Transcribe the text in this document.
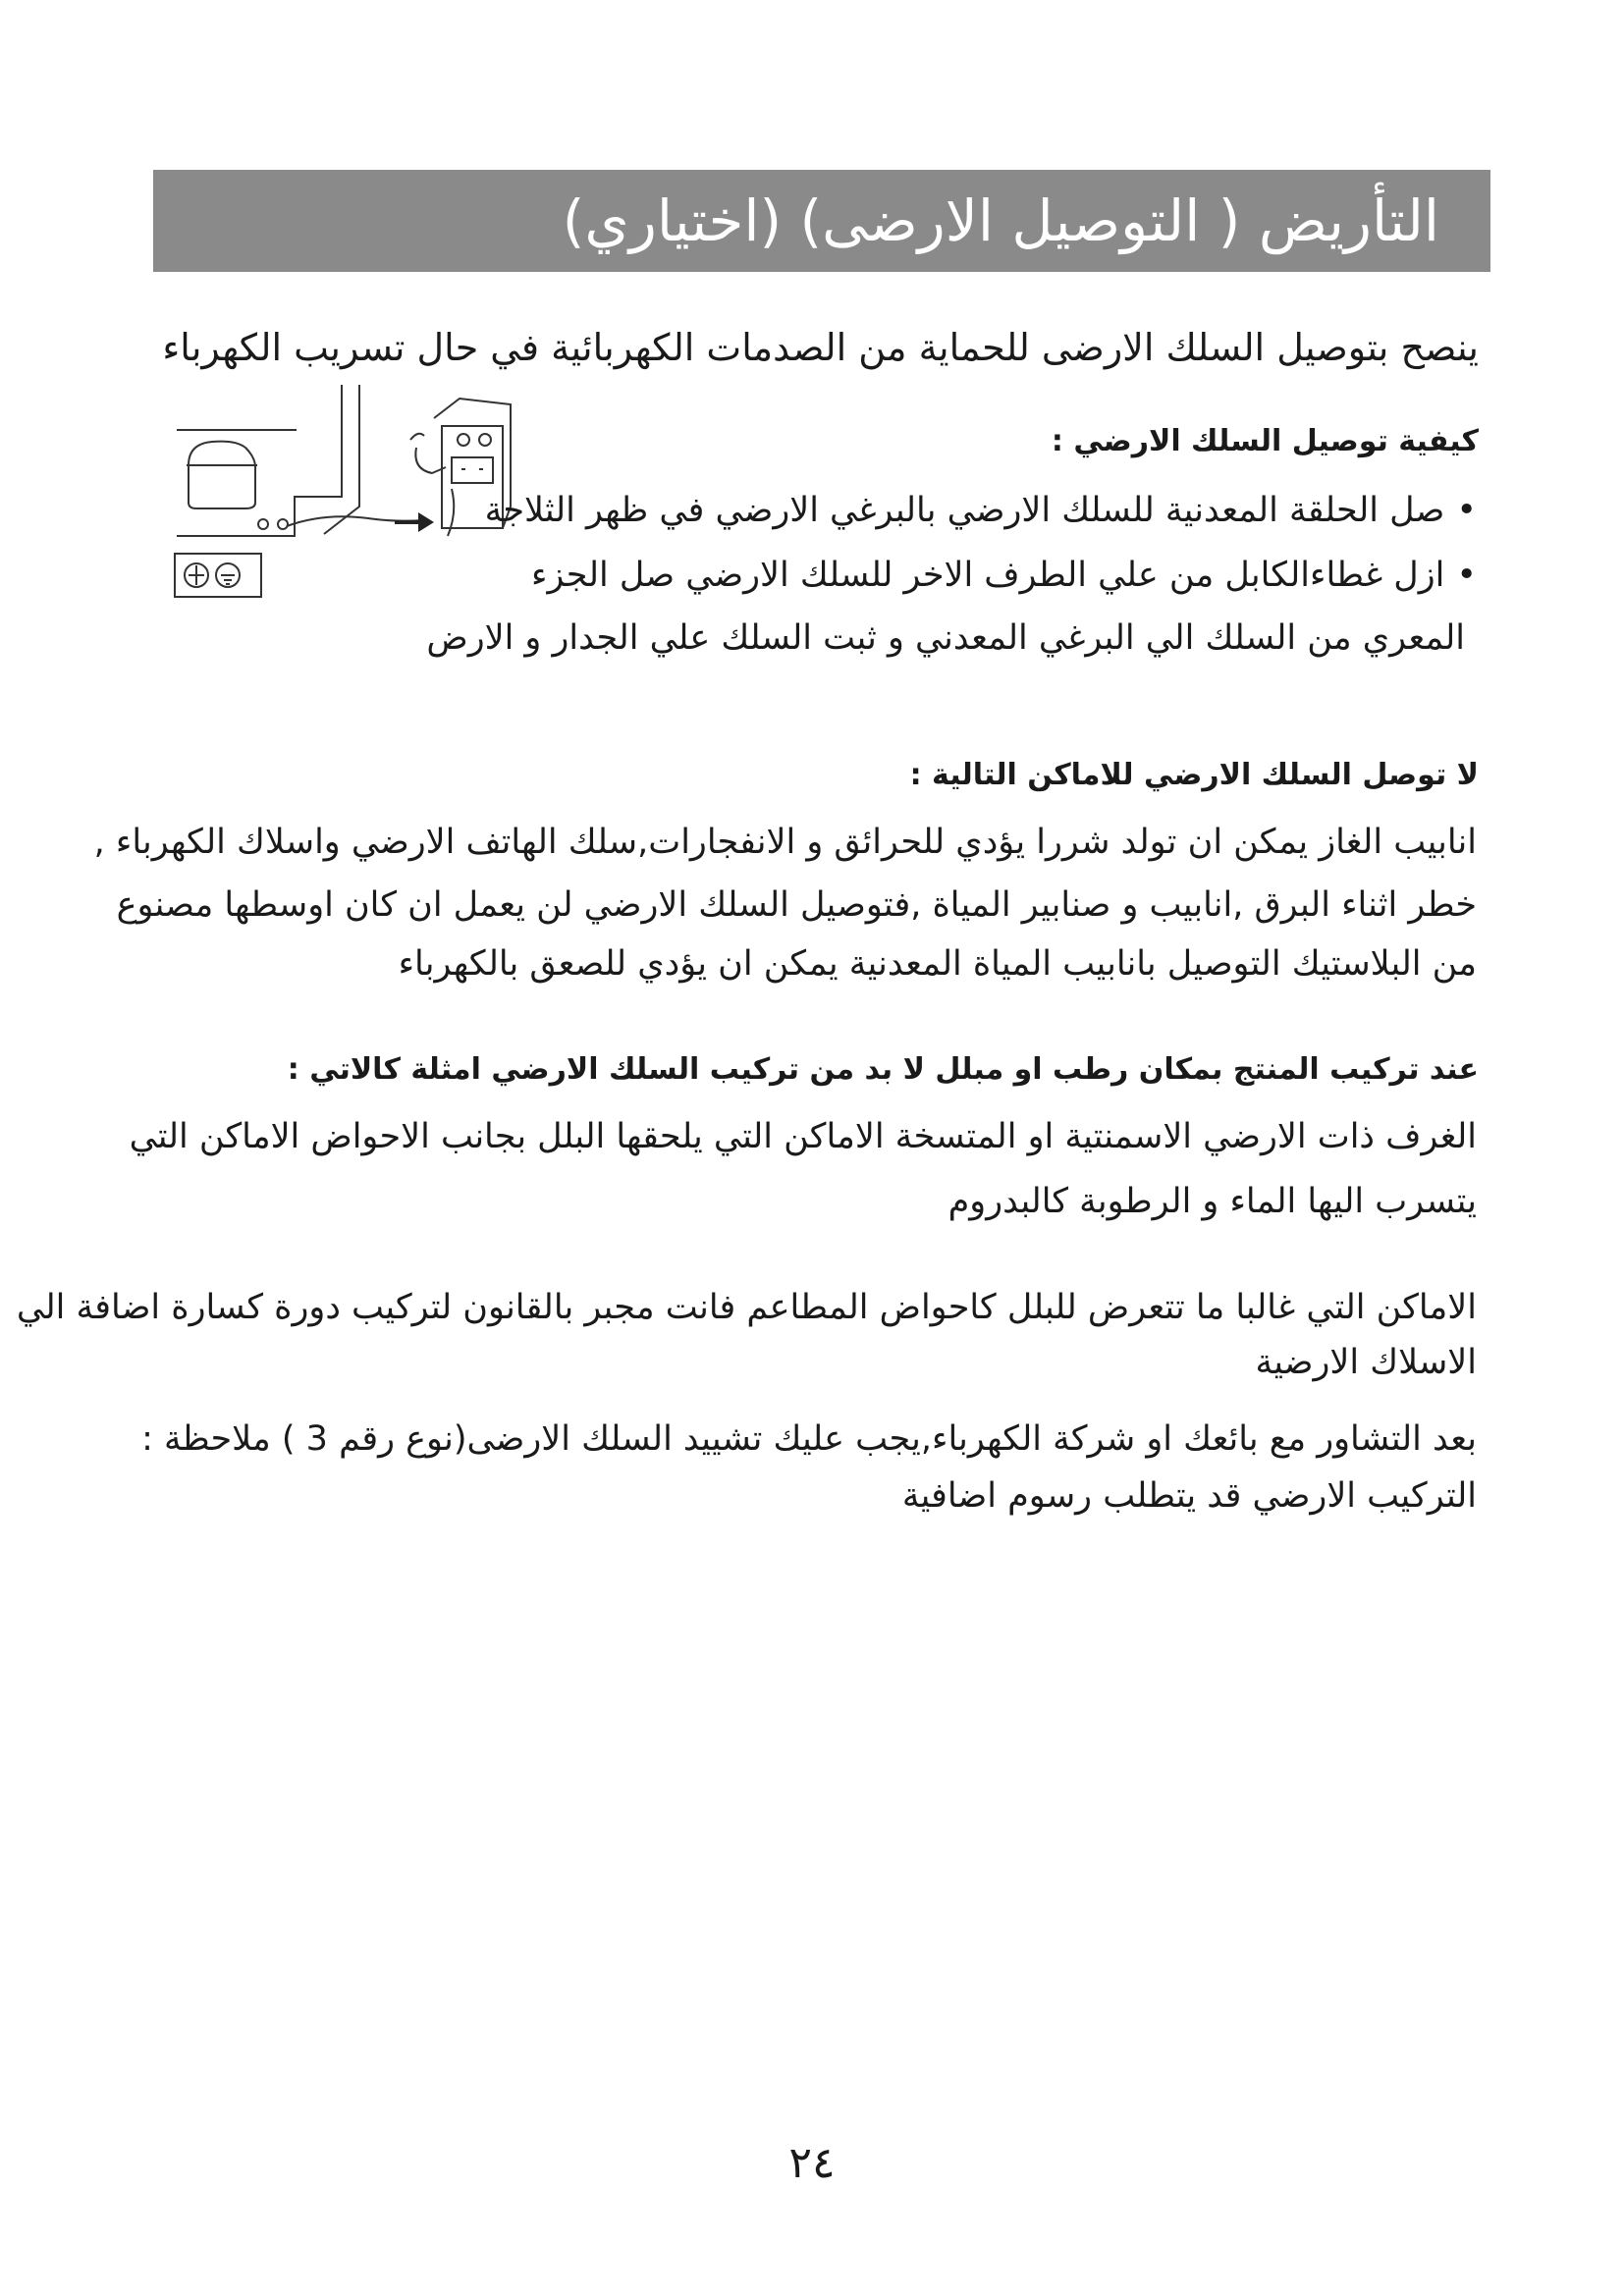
التأريض ( التوصيل الارضى) (اختياري)
ينصح بتوصيل السلك الارضى للحماية من الصدمات الكهربائية في حال تسريب الكهرباء
كيفية توصيل السلك الارضي :
•صل الحلقة المعدنية للسلك الارضي بالبرغي الارضي في ظهر الثلاجة
•ازل غطاءالكابل من علي الطرف الاخر للسلك الارضي صل الجزء
المعري من السلك الي البرغي المعدني و ثبت السلك علي الجدار و الارض
لا توصل السلك الارضي للاماكن التالية :
انابيب الغاز يمكن ان تولد شررا يؤدي للحرائق و الانفجارات,سلك الهاتف الارضي واسلاك الكهرباء ,
خطر اثناء البرق ,انابيب و صنابير المياة ,فتوصيل السلك الارضي لن يعمل ان كان اوسطها مصنوع
من البلاستيك التوصيل بانابيب المياة المعدنية يمكن ان يؤدي للصعق بالكهرباء
عند تركيب المنتج بمكان رطب او مبلل لا بد من تركيب السلك الارضي امثلة كالاتي :
الغرف ذات الارضي الاسمنتية او المتسخة الاماكن التي يلحقها البلل بجانب الاحواض الاماكن التي
يتسرب اليها الماء و الرطوبة كالبدروم
الاماكن التي غالبا ما تتعرض للبلل كاحواض المطاعم فانت مجبر بالقانون لتركيب دورة كسارة اضافة الي
الاسلاك الارضية
بعد التشاور مع بائعك او شركة الكهرباء,يجب عليك تشييد السلك الارضى(نوع رقم 3 ) ملاحظة :
التركيب الارضي قد يتطلب رسوم اضافية
٢٤
